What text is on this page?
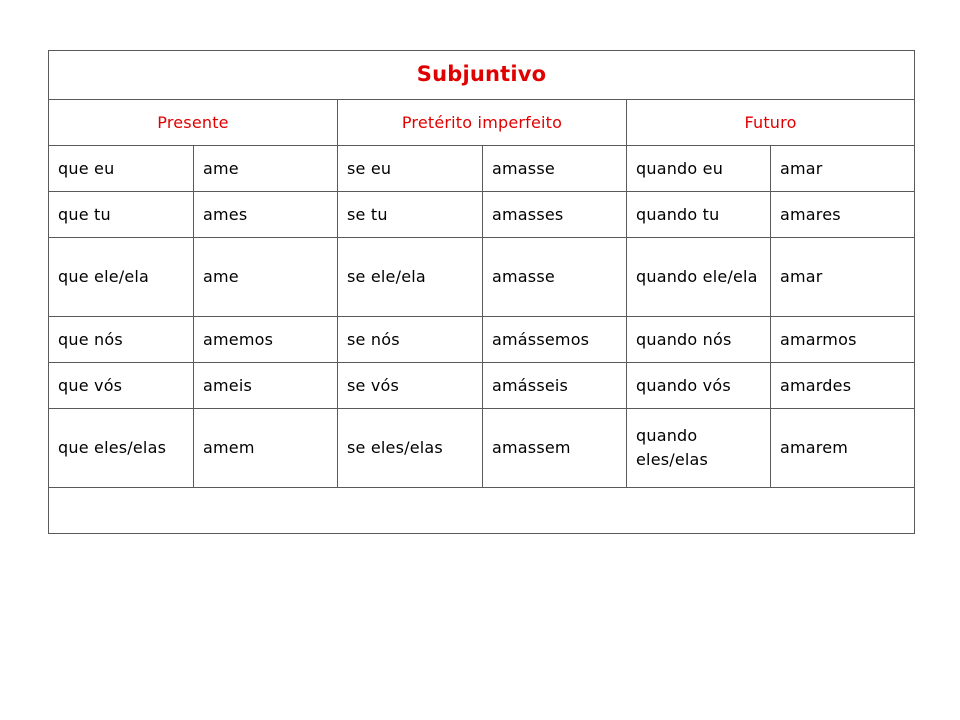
Subjuntivo					
Presente		Pretérito imperfeito		Futuro	
que eu	ame	se eu	amasse	quando eu	amar
que tu	ames	se tu	amasses	quando tu	amares
que ele/ela	ame	se ele/ela	amasse	quando ele/ela	amar
que nós	amemos	se nós	amássemos	quando nós	amarmos
que vós	ameis	se vós	amásseis	quando vós	amardes
que eles/elas	amem	se eles/elas	amassem	quando eles/elas	amarem
